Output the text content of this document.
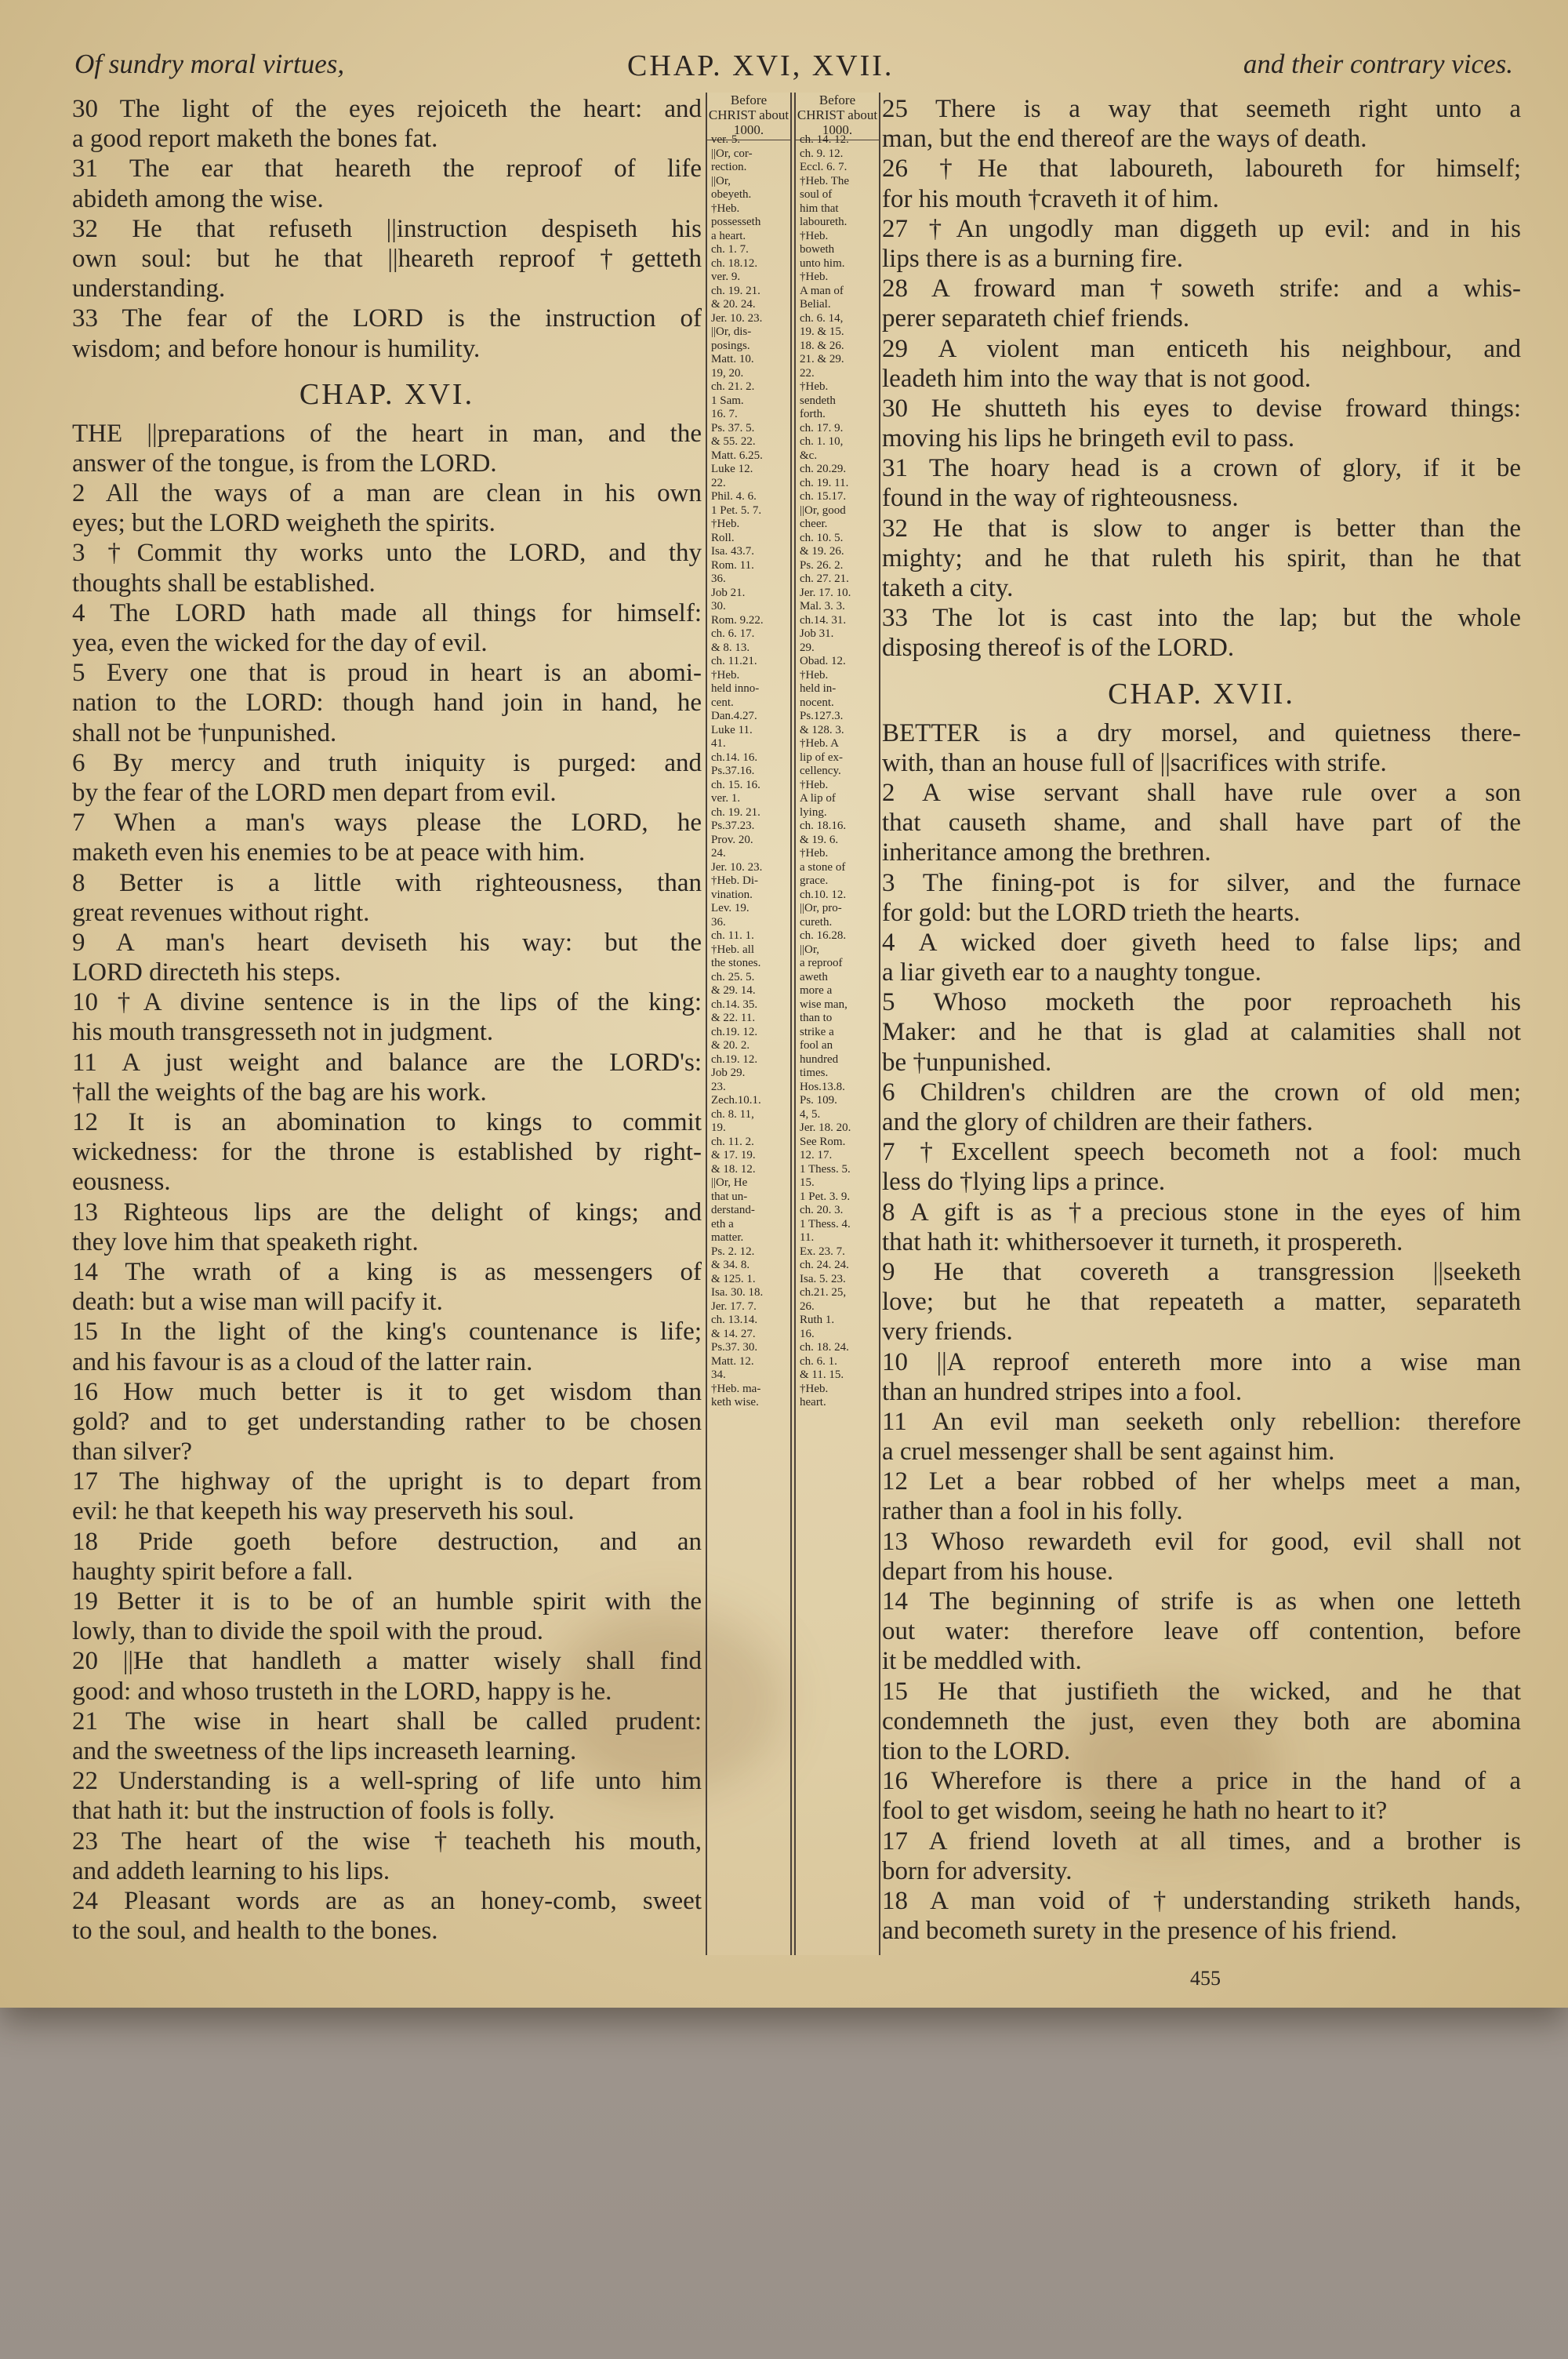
Of sundry moral virtues,	CHAP. XVI, XVII.	and their contrary vices.
30 The light of the eyes rejoiceth the heart: and
a good report maketh the bones fat.
31 The ear that heareth the reproof of life
abideth among the wise.
32 He that refuseth ||instruction despiseth his
own soul: but he that ||heareth reproof †getteth
understanding.
33 The fear of the LORD is the instruction of
wisdom; and before honour is humility.
CHAP. XVI.
THE ||preparations of the heart in man, and the
answer of the tongue, is from the LORD.
2 All the ways of a man are clean in his own
eyes; but the LORD weigheth the spirits.
3 †Commit thy works unto the LORD, and thy
thoughts shall be established.
4 The LORD hath made all things for himself:
yea, even the wicked for the day of evil.
5 Every one that is proud in heart is an abomi-
nation to the LORD: though hand join in hand, he
shall not be †unpunished.
6 By mercy and truth iniquity is purged: and
by the fear of the LORD men depart from evil.
7 When a man's ways please the LORD, he
maketh even his enemies to be at peace with him.
8 Better is a little with righteousness, than
great revenues without right.
9 A man's heart deviseth his way: but the
LORD directeth his steps.
10 †A divine sentence is in the lips of the king:
his mouth transgresseth not in judgment.
11 A just weight and balance are the LORD's:
†all the weights of the bag are his work.
12 It is an abomination to kings to commit
wickedness: for the throne is established by right-
eousness.
13 Righteous lips are the delight of kings; and
they love him that speaketh right.
14 The wrath of a king is as messengers of
death: but a wise man will pacify it.
15 In the light of the king's countenance is life;
and his favour is as a cloud of the latter rain.
16 How much better is it to get wisdom than
gold? and to get understanding rather to be chosen
than silver?
17 The highway of the upright is to depart from
evil: he that keepeth his way preserveth his soul.
18 Pride goeth before destruction, and an
haughty spirit before a fall.
19 Better it is to be of an humble spirit with the
lowly, than to divide the spoil with the proud.
20 ||He that handleth a matter wisely shall find
good: and whoso trusteth in the LORD, happy is he.
21 The wise in heart shall be called prudent:
and the sweetness of the lips increaseth learning.
22 Understanding is a well-spring of life unto him
that hath it: but the instruction of fools is folly.
23 The heart of the wise †teacheth his mouth,
and addeth learning to his lips.
24 Pleasant words are as an honey-comb, sweet
to the soul, and health to the bones.
25 There is a way that seemeth right unto a
man, but the end thereof are the ways of death.
26 †He that laboureth, laboureth for himself;
for his mouth †craveth it of him.
27 †An ungodly man diggeth up evil: and in his
lips there is as a burning fire.
28 A froward man †soweth strife: and a whis-
perer separateth chief friends.
29 A violent man enticeth his neighbour, and
leadeth him into the way that is not good.
30 He shutteth his eyes to devise froward things:
moving his lips he bringeth evil to pass.
31 The hoary head is a crown of glory, if it be
found in the way of righteousness.
32 He that is slow to anger is better than the
mighty; and he that ruleth his spirit, than he that
taketh a city.
33 The lot is cast into the lap; but the whole
disposing thereof is of the LORD.
CHAP. XVII.
BETTER is a dry morsel, and quietness there-
with, than an house full of ||sacrifices with strife.
2 A wise servant shall have rule over a son
that causeth shame, and shall have part of the
inheritance among the brethren.
3 The fining-pot is for silver, and the furnace
for gold: but the LORD trieth the hearts.
4 A wicked doer giveth heed to false lips; and
a liar giveth ear to a naughty tongue.
5 Whoso mocketh the poor reproacheth his
Maker: and he that is glad at calamities shall not
be †unpunished.
6 Children's children are the crown of old men;
and the glory of children are their fathers.
7 †Excellent speech becometh not a fool: much
less do †lying lips a prince.
8 A gift is as †a precious stone in the eyes of him
that hath it: whithersoever it turneth, it prospereth.
9 He that covereth a transgression ||seeketh
love; but he that repeateth a matter, separateth
very friends.
10 ||A reproof entereth more into a wise man
than an hundred stripes into a fool.
11 An evil man seeketh only rebellion: therefore
a cruel messenger shall be sent against him.
12 Let a bear robbed of her whelps meet a man,
rather than a fool in his folly.
13 Whoso rewardeth evil for good, evil shall not
depart from his house.
14 The beginning of strife is as when one letteth
out water: therefore leave off contention, before
it be meddled with.
15 He that justifieth the wicked, and he that
condemneth the just, even they both are abomina
tion to the LORD.
16 Wherefore is there a price in the hand of a
fool to get wisdom, seeing he hath no heart to it?
17 A friend loveth at all times, and a brother is
born for adversity.
18 A man void of †understanding striketh hands,
and becometh surety in the presence of his friend.
Before CHRIST about 1000.
ver. 5.
||Or, cor-
rection.
||Or,
obeyeth.
†Heb.
possesseth
a heart.
ch. 1. 7.
ch. 18.12.
ver. 9.
ch. 19. 21.
& 20. 24.
Jer. 10. 23.
||Or, dis-
posings.
Matt. 10.
19, 20.
ch. 21. 2.
1 Sam.
16. 7.
Ps. 37. 5.
& 55. 22.
Matt. 6.25.
Luke 12.
22.
Phil. 4. 6.
1 Pet. 5. 7.
†Heb.
Roll.
Isa. 43.7.
Rom. 11.
36.
Job 21.
30.
Rom. 9.22.
ch. 6. 17.
& 8. 13.
ch. 11.21.
†Heb.
held inno-
cent.
Dan.4.27.
Luke 11.
41.
ch.14. 16.
Ps.37.16.
ch. 15. 16.
ver. 1.
ch. 19. 21.
Ps.37.23.
Prov. 20.
24.
Jer. 10. 23.
†Heb. Di-
vination.
Lev. 19.
36.
ch. 11. 1.
†Heb. all
the stones.
ch. 25. 5.
& 29. 14.
ch.14. 35.
& 22. 11.
ch.19. 12.
& 20. 2.
ch.19. 12.
Job 29.
23.
Zech.10.1.
ch. 8. 11,
19.
ch. 11. 2.
& 17. 19.
& 18. 12.
||Or, He
that un-
derstand-
eth a
matter.
Ps. 2. 12.
& 34. 8.
& 125. 1.
Isa. 30. 18.
Jer. 17. 7.
ch. 13.14.
& 14. 27.
Ps.37. 30.
Matt. 12.
34.
†Heb. ma-
keth wise.
Before CHRIST about 1000.
ch. 14. 12.
ch. 9. 12.
Eccl. 6. 7.
†Heb. The
soul of
him that
laboureth.
†Heb.
boweth
unto him.
†Heb.
A man of
Belial.
ch. 6. 14,
19. & 15.
18. & 26.
21. & 29.
22.
†Heb.
sendeth
forth.
ch. 17. 9.
ch. 1. 10,
&c.
ch. 20.29.
ch. 19. 11.
ch. 15.17.
||Or, good
cheer.
ch. 10. 5.
& 19. 26.
Ps. 26. 2.
ch. 27. 21.
Jer. 17. 10.
Mal. 3. 3.
ch.14. 31.
Job 31.
29.
Obad. 12.
†Heb.
held in-
nocent.
Ps.127.3.
& 128. 3.
†Heb. A
lip of ex-
cellency.
†Heb.
A lip of
lying.
ch. 18.16.
& 19. 6.
†Heb.
a stone of
grace.
ch.10. 12.
||Or, pro-
cureth.
ch. 16.28.
||Or,
a reproof
aweth
more a
wise man,
than to
strike a
fool an
hundred
times.
Hos.13.8.
Ps. 109.
4, 5.
Jer. 18. 20.
See Rom.
12. 17.
1 Thess. 5.
15.
1 Pet. 3. 9.
ch. 20. 3.
1 Thess. 4.
11.
Ex. 23. 7.
ch. 24. 24.
Isa. 5. 23.
ch.21. 25,
26.
Ruth 1.
16.
ch. 18. 24.
ch. 6. 1.
& 11. 15.
†Heb.
heart.
455
